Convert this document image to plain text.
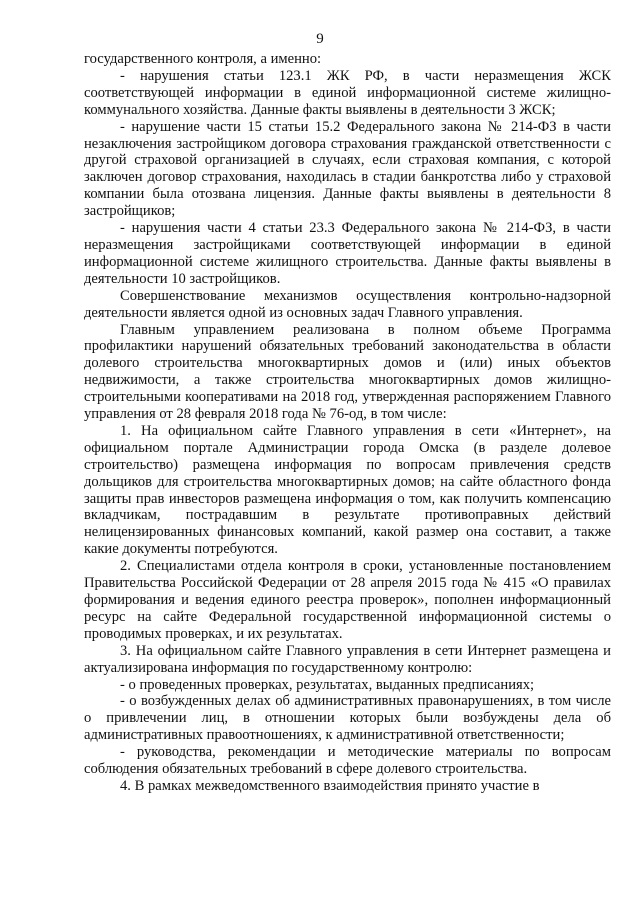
9

государственного контроля, а именно:

- нарушения статьи 123.1 ЖК РФ, в части неразмещения ЖСК соответствующей информации в единой информационной системе жилищно-коммунального хозяйства. Данные факты выявлены в деятельности 3 ЖСК;

- нарушение части 15 статьи 15.2 Федерального закона № 214-ФЗ в части незаключения застройщиком договора страхования гражданской ответственности с другой страховой организацией в случаях, если страховая компания, с которой заключен договор страхования, находилась в стадии банкротства либо у страховой компании была отозвана лицензия. Данные факты выявлены в деятельности 8 застройщиков;

- нарушения части 4 статьи 23.3 Федерального закона № 214-ФЗ, в части неразмещения застройщиками соответствующей информации в единой информационной системе жилищного строительства. Данные факты выявлены в деятельности 10 застройщиков.

Совершенствование механизмов осуществления контрольно-надзорной деятельности является одной из основных задач Главного управления.

Главным управлением реализована в полном объеме Программа профилактики нарушений обязательных требований законодательства в области долевого строительства многоквартирных домов и (или) иных объектов недвижимости, а также строительства многоквартирных домов жилищно-строительными кооперативами на 2018 год, утвержденная распоряжением Главного управления от 28 февраля 2018 года № 76-од, в том числе:

1. На официальном сайте Главного управления в сети «Интернет», на официальном портале Администрации города Омска (в разделе долевое строительство) размещена информация по вопросам привлечения средств дольщиков для строительства многоквартирных домов; на сайте областного фонда защиты прав инвесторов размещена информация о том, как получить компенсацию вкладчикам, пострадавшим в результате противоправных действий нелицензированных финансовых компаний, какой размер она составит, а также какие документы потребуются.

2. Специалистами отдела контроля в сроки, установленные постановлением Правительства Российской Федерации от 28 апреля 2015 года № 415 «О правилах формирования и ведения единого реестра проверок», пополнен информационный ресурс на сайте Федеральной государственной информационной системы о проводимых проверках, и их результатах.

3. На официальном сайте Главного управления в сети Интернет размещена и актуализирована информация по государственному контролю:

- о проведенных проверках, результатах, выданных предписаниях;

- о возбужденных делах об административных правонарушениях, в том числе о привлечении лиц, в отношении которых были возбуждены дела об административных правоотношениях, к административной ответственности;

- руководства, рекомендации и методические материалы по вопросам соблюдения обязательных требований в сфере долевого строительства.

4. В рамках межведомственного взаимодействия принято участие в
